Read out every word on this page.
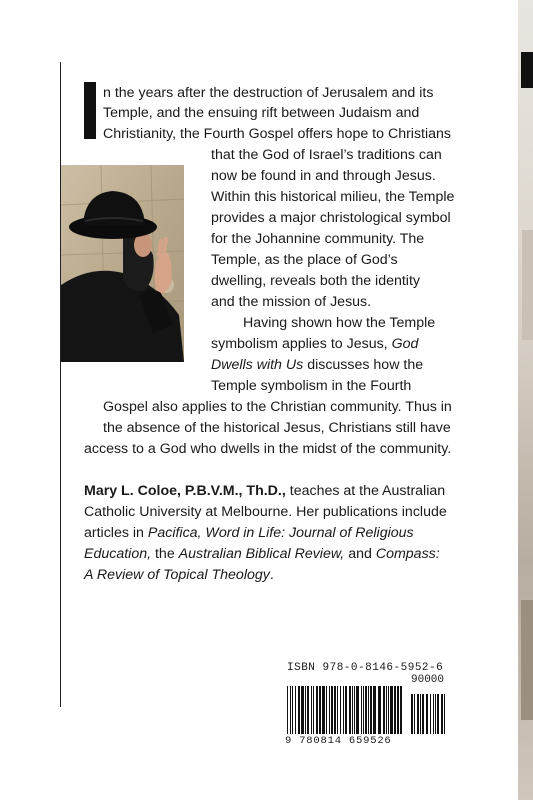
n the years after the destruction of Jerusalem and its

Temple, and the ensuing rift between Judaism and

Christianity, the Fourth Gospel offers hope to Christians

that the God of Israel’s traditions can

now be found in and through Jesus.

Within this historical milieu, the Temple

provides a major christological symbol

for the Johannine community. The

Temple, as the place of God’s

dwelling, reveals both the identity

and the mission of Jesus.

Having shown how the Temple

symbolism applies to Jesus, God

Dwells with Us discusses how the

Temple symbolism in the Fourth

Gospel also applies to the Christian community. Thus in

the absence of the historical Jesus, Christians still have

access to a God who dwells in the midst of the community.

Mary L. Coloe, P.B.V.M., Th.D., teaches at the Australian

Catholic University at Melbourne. Her publications include

articles in Pacifica, Word in Life: Journal of Religious

Education, the Australian Biblical Review, and Compass:

A Review of Topical Theology.

ISBN 978-0-8146-5952-6
90000
9 780814 659526
